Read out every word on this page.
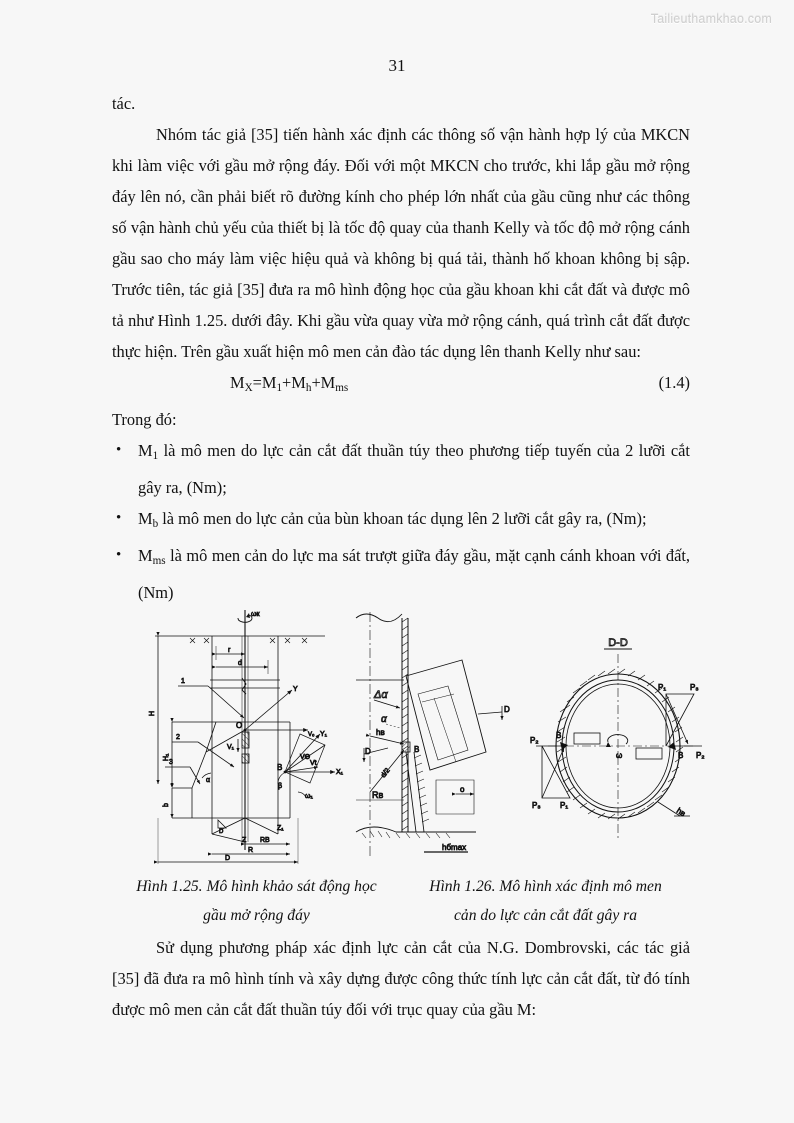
Tailieuthamkhao.com
31

tác.

Nhóm tác giả [35] tiến hành xác định các thông số vận hành hợp lý của MKCN khi làm việc với gầu mở rộng đáy. Đối với một MKCN cho trước, khi lắp gầu mở rộng đáy lên nó, cần phải biết rõ đường kính cho phép lớn nhất của gầu cũng như các thông số vận hành chủ yếu của thiết bị là tốc độ quay của thanh Kelly và tốc độ mở rộng cánh gầu sao cho máy làm việc hiệu quả và không bị quá tải, thành hố khoan không bị sập. Trước tiên, tác giả [35] đưa ra mô hình động học của gầu khoan khi cắt đất và được mô tả như Hình 1.25. dưới đây. Khi gầu vừa quay vừa mở rộng cánh, quá trình cắt đất được thực hiện. Trên gầu xuất hiện mô men cản đào tác dụng lên thanh Kelly như sau:

$M_X=M_1+M_h+M_{ms}$	(1.4)

Trong đó:

• $M_1$ là mô men do lực cản cắt đất thuần túy theo phương tiếp tuyến của 2 lưỡi cắt gây ra, (Nm);
• $M_b$ là mô men do lực cản của bùn khoan tác dụng lên 2 lưỡi cắt gây ra, (Nm);
• $M_{ms}$ là mô men cản do lực ma sát trượt giữa đáy gầu, mặt cạnh cánh khoan với đất, (Nm)
ωк
r
d
H
H₁
b
1
2
3
O
V₁
Y
Y₁
X₁
VΘ
V₀
Vt
B
β
ω₁
α
Z
Z₁
D
RB
R
D
Δα
α
hв
B
D
D
d/2
Rв
o
hбmax
D-D
ω
B
P₂
P₃ P₁
B
P₁	P₃
P₂
hв
Hình 1.25. Mô hình khảo sát động học
gầu mở rộng đáy
Hình 1.26. Mô hình xác định mô men
cản do lực cản cắt đất gây ra

Sử dụng phương pháp xác định lực cản cắt của N.G. Dombrovski, các tác giả [35] đã đưa ra mô hình tính và xây dựng được công thức tính lực cản cắt đất, từ đó tính được mô men cản cắt đất thuần túy đối với trục quay của gầu M:
